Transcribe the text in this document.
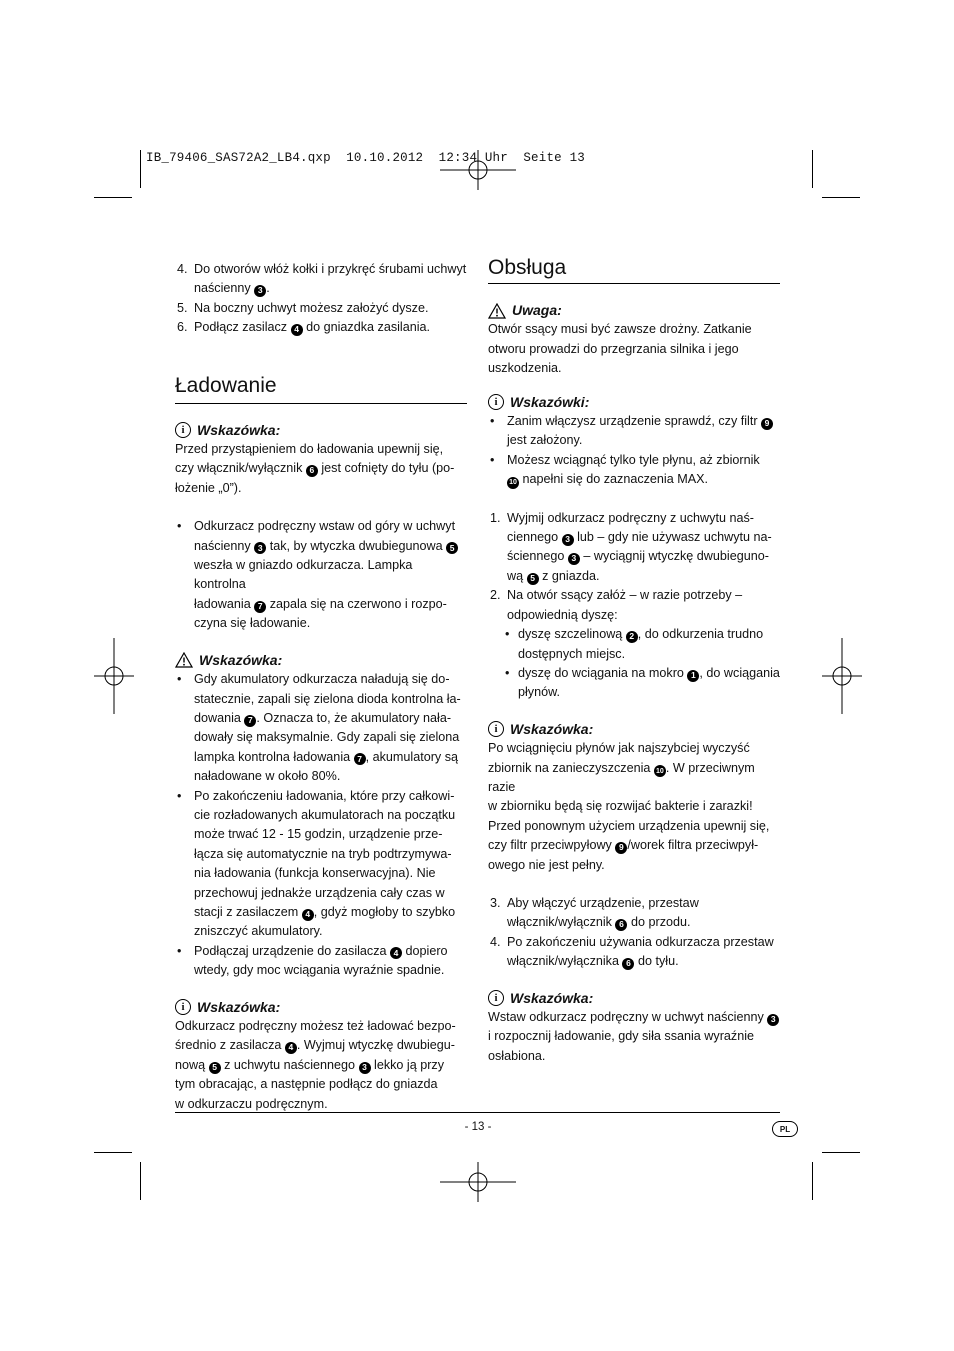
IB_79406_SAS72A2_LB4.qxp  10.10.2012  12:34 Uhr  Seite 13
4. Do otworów włóż kołki i przykręć śrubami uchwyt
naścienny 3 .
5. Na boczny uchwyt możesz założyć dysze.
6. Podłącz zasilacz 4 do gniazdka zasilania.
Ładowanie
i Wskazówka:

Przed przystąpieniem do ładowania upewnij się,

czy włącznik/wyłącznik 6 jest cofnięty do tyłu (po-

łożenie „0”).

• Odkurzacz podręczny wstaw od góry w uchwyt
naścienny 3 tak, by wtyczka dwubiegunowa 5
weszła w gniazdo odkurzacza. Lampka kontrolna
ładowania 7 zapala się na czerwono i rozpo-
czyna się ładowanie.
Wskazówka:
• Gdy akumulatory odkurzacza naładują się do-
statecznie, zapali się zielona dioda kontrolna ła-
dowania 7 . Oznacza to, że akumulatory nała-
dowały się maksymalnie. Gdy zapali się zielona
lampka kontrolna ładowania 7 , akumulatory są
naładowane w około 80%.
• Po zakończeniu ładowania, które przy całkowi-
cie rozładowanych akumulatorach na początku
może trwać 12 - 15 godzin, urządzenie prze-
łącza się automatycznie na tryb podtrzymywa-
nia ładowania (funkcja konserwacyjna). Nie
przechowuj jednakże urządzenia cały czas w
stacji z zasilaczem 4 , gdyż mogłoby to szybko
zniszczyć akumulatory.
• Podłączaj urządzenie do zasilacza 4 dopiero
wtedy, gdy moc wciągania wyraźnie spadnie.
i Wskazówka:

Odkurzacz podręczny możesz też ładować bezpo-

średnio z zasilacza 4 . Wyjmuj wtyczkę dwubiegu-

nową 5 z uchwytu naściennego 3 lekko ją przy

tym obracając, a następnie podłącz do gniazda

w odkurzaczu podręcznym.

Obsługa
Uwaga:

Otwór ssący musi być zawsze drożny. Zatkanie

otworu prowadzi do przegrzania silnika i jego

uszkodzenia.

i Wskazówki:
• Zanim włączysz urządzenie sprawdź, czy filtr 9
jest założony.
• Możesz wciągnąć tylko tyle płynu, aż zbiornik
10 napełni się do zaznaczenia MAX.
1. Wyjmij odkurzacz podręczny z uchwytu naś-
ciennego 3 lub – gdy nie używasz uchwytu na-
ściennego 3 – wyciągnij wtyczkę dwubieguno-
wą 5 z gniazda.
2. Na otwór ssący załóż – w razie potrzeby –
odpowiednią dyszę:
• dyszę szczelinową 2 , do odkurzenia trudno
dostępnych miejsc.
• dyszę do wciągania na mokro 1 , do wciągania
płynów.
i Wskazówka:

Po wciągnięciu płynów jak najszybciej wyczyść

zbiornik na zanieczyszczenia 10 . W przeciwnym razie

w zbiorniku będą się rozwijać bakterie i zarazki!

Przed ponownym użyciem urządzenia upewnij się,

czy filtr przeciwpyłowy 9 /worek filtra przeciwpył-

owego nie jest pełny.

3. Aby włączyć urządzenie, przestaw
włącznik/wyłącznik 6 do przodu.
4. Po zakończeniu używania odkurzacza przestaw
włącznik/wyłącznika 6 do tyłu.
i Wskazówka:

Wstaw odkurzacz podręczny w uchwyt naścienny 3

i rozpocznij ładowanie, gdy siła ssania wyraźnie

osłabiona.

- 13 -	PL
